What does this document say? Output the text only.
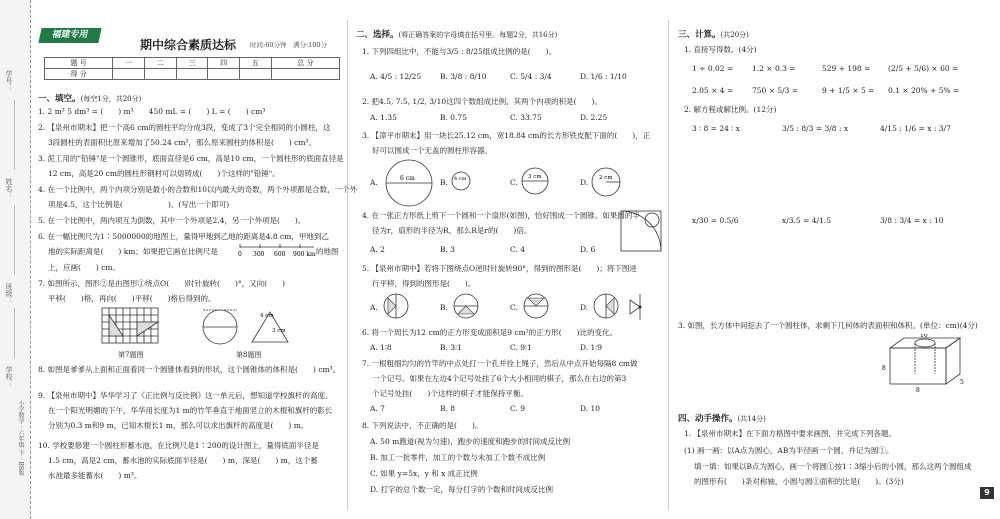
学号：
姓名：
班级：
学校：
小学数学 · 六年级 下 · BS版
福建专用
期中综合素质达标 时间:60分钟　满分:100分
题 号	一	二	三	四	五	总 分
得 分						
一、填空。(每空1分，共20分)
1. 2 m³ 5 dm³ = (　　) m³　　450 mL = (　　) L = (　　) cm³
2. 【泉州市期末】把一个高6 cm的圆柱平均分成3段，变成了3个完全相同的小圆柱，这
3段圆柱的表面积比原来增加了50.24 cm²，那么原来圆柱的体积是(　　) cm³。
3. 泥工用的"铅锤"是一个圆锥形，底面直径是6 cm，高是10 cm，一个圆柱形的底面直径是
12 cm，高是20 cm的圆柱形钢材可以熔铸成(　　)个这样的"铅锤"。
4. 在一个比例中，两个内项分别是最小的合数和10以内最大的奇数，两个外项都是合数，一个外
项是4.5，这个比例是(　　　　　　)。(写出一个即可)
5. 在一个比例中，两内项互为倒数，其中一个外项是2.4，另一个外项是(　　)。
6. 在一幅比例尺为1∶5000000的地图上，量得甲地到乙地的距离是4.8 cm，甲地到乙
地的实际距离是(　　) km；如果把它画在比例尺是	0 300 600 900 km 的地图
上，应画(　　) cm。
7. 如图所示，图形②是由图形①绕点O(　　)时针旋转(　　)°，又向(　　)
平移(　　)格，再向(　　)平移(　　)格后得到的。
第7题图
4 cm
3 cm
第8题图
8. 如图是爹爹从上面和正面看同一个圆锥体看到的形状，这个圆锥体的体积是(　　) cm³。
9. 【泉州市期中】华华学习了《正比例与反比例》这一单元后，想知道学校旗杆的高度。
在一个阳光明媚的下午，华华用长度为1 m的竹竿垂直于地面竖立的木棍和旗杆的影长
分别为0.3 m和9 m，已知木棍长1 m，那么可以求出旗杆的高度是(　　) m。
10. 学校要修建一个圆柱形蓄水池，在比例尺是1∶200的设计图上，量得底面半径是
1.5 cm，高是2 cm，蓄水池的实际底面半径是(　　) m，深是(　　) m，这个蓄
水池最多能蓄水(　　) m³。
二、选择。(将正确答案的字母填在括号里。每题2分，共16分)
1. 下列四组比中，不能与3/5 : 8/25组成比例的是(　　)。
A. 4/5 : 12/25	B. 3/8 : 8/10	C. 5/4 : 3/4	D. 1/6 : 1/10
2. 把4.5, 7.5, 1/2, 3/10这四个数组成比例，其两个内项的积是(　　)。
A. 1.35	B. 0.75	C. 33.75	D. 2.25
3. 【漳平市期末】用一块长25.12 cm，宽18.84 cm的长方形铁皮配下面的(　　)，正
好可以围成一个无盖的圆柱形容器。
A.	6 cm	B. 4 cm	C.
3 cm
D. 2 cm
4. 在一张正方形纸上剪下一个圆和一个扇形(如图)，恰好围成一个圆锥。如果圆的半
径为r，扇形的半径为R，那么R是r的(　　)倍。
A. 2	B. 3	C. 4	D. 6
5. 【泉州市期中】若将下图绕点O逆时针旋转90°，得到的图形是(　　)；将下图进
行平移，得到的图形是(　　)。
A.	B.	C.	D.
6. 将一个周长为12 cm的正方形变成面积是9 cm²的正方形(　　)比的变化。
A. 1∶8	B. 3∶1	C. 9∶1	D. 1∶9
7. 一根粗细均匀的竹竿的中点处打一个孔并拴上绳子，然后从中点开始每隔8 cm做
一个记号。如果在左边4个记号处挂了6个大小相同的棋子，那么在右边的第3
个记号处挂(　　)个这样的棋子才能保持平衡。
A. 7	B. 8	C. 9	D. 10
8. 下列说法中，不正确的是(　　)。
A. 50 m跑道(视为匀速)，跑步的速度和跑步的时间成反比例
B. 加工一批零件，加工的个数与未加工个数不成比例
C. 如果 y=5x，y 和 x 成正比例
D. 打字的总个数一定，每分打字的个数和时间成反比例
三、计算。(共20分)
1. 直接写得数。(4分)
1 ÷ 0.02 =	1.2 × 0.3 =	529 + 198 = (2/5 + 5/6) × 60 =
2.05 × 4 =	750 × 5/3 =	9 + 1/5 × 5 = 0.1 × 20% + 5% =
2. 解方程或解比例。(12分)
3 ∶ 8 = 24 ∶ x	3/5 : 8/3 = 3/8 : x	4/15 : 1/6 = x : 3/7
x/30 = 0.5/6	x/3.5 = 4/1.5	3/8 : 3/4 = x : 10
3. 如图，长方体中间挖去了一个圆柱体，求剩下几何体的表面积和体积。(单位：cm)(4分)
10
5
8
8
四、动手操作。(共14分)
1. 【泉州市期末】在下面方格图中要求画图，并完成下列各题。
(1) 画一画：以A点为圆心，AB为半径画一个圆，并记为圆①。
填一填：如果以B点为圆心，画一个将圆①按1∶3缩小后的小圆，那么这两个圆组成
的图形有(　　)条对称轴，小圆与圆①面积的比是(　　)。(3分)
9
